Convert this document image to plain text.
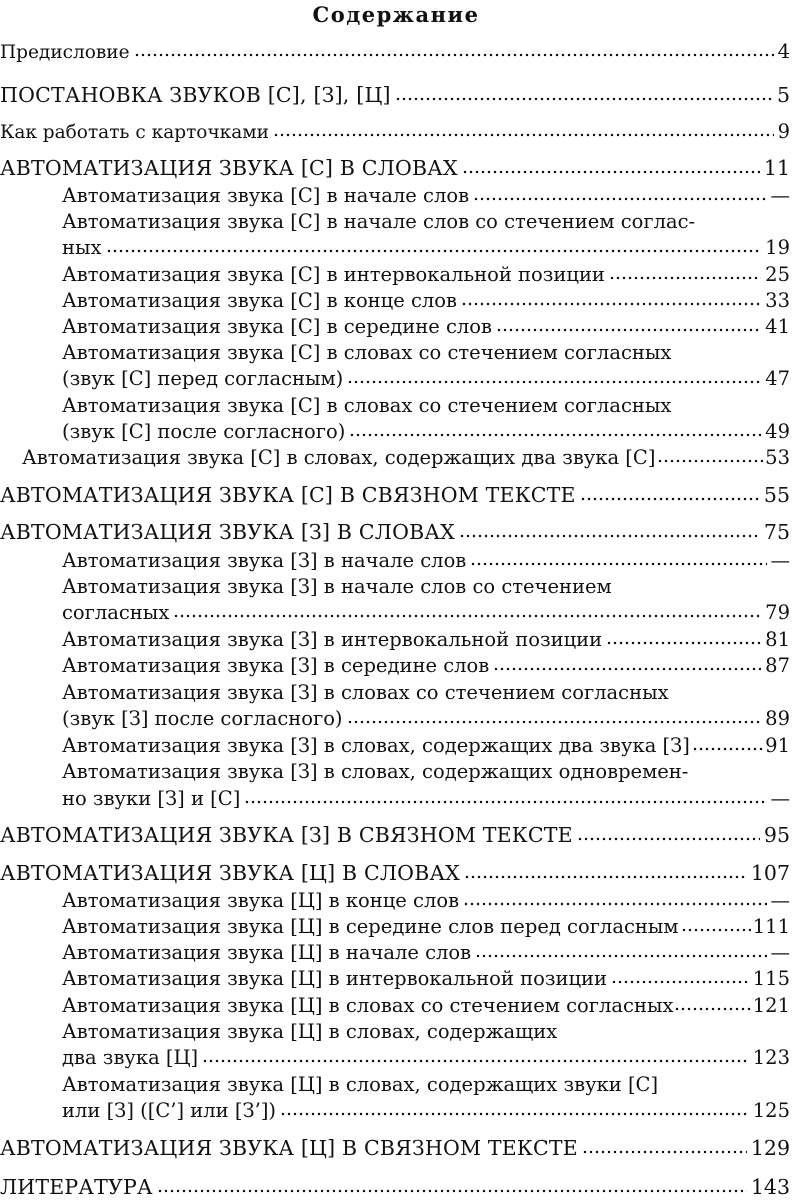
Содержание
Предисловие	4
ПОСТАНОВКА ЗВУКОВ [С], [З], [Ц]	5
Как работать с карточками	9
АВТОМАТИЗАЦИЯ ЗВУКА [С] В СЛОВАХ	11
Автоматизация звука [С] в начале слов	—
Автоматизация звука [С] в начале слов со стечением соглас-
ных	19
Автоматизация звука [С] в интервокальной позиции	25
Автоматизация звука [С] в конце слов	33
Автоматизация звука [С] в середине слов	41
Автоматизация звука [С] в словах со стечением согласных
(звук [С] перед согласным)	47
Автоматизация звука [С] в словах со стечением согласных
(звук [С] после согласного)	49
Автоматизация звука [С] в словах, содержащих два звука [С]	53
АВТОМАТИЗАЦИЯ ЗВУКА [С] В СВЯЗНОМ ТЕКСТЕ	55
АВТОМАТИЗАЦИЯ ЗВУКА [З] В СЛОВАХ	75
Автоматизация звука [З] в начале слов	—
Автоматизация звука [З] в начале слов со стечением
согласных	79
Автоматизация звука [З] в интервокальной позиции	81
Автоматизация звука [З] в середине слов	87
Автоматизация звука [З] в словах со стечением согласных
(звук [З] после согласного)	89
Автоматизация звука [З] в словах, содержащих два звука [З]	91
Автоматизация звука [З] в словах, содержащих одновремен-
но звуки [З] и [С]	—
АВТОМАТИЗАЦИЯ ЗВУКА [З] В СВЯЗНОМ ТЕКСТЕ	95
АВТОМАТИЗАЦИЯ ЗВУКА [Ц] В СЛОВАХ	107
Автоматизация звука [Ц] в конце слов	—
Автоматизация звука [Ц] в середине слов перед согласным	111
Автоматизация звука [Ц] в начале слов	—
Автоматизация звука [Ц] в интервокальной позиции	115
Автоматизация звука [Ц] в словах со стечением согласных	121
Автоматизация звука [Ц] в словах, содержащих
два звука [Ц]	123
Автоматизация звука [Ц] в словах, содержащих звуки [С]
или [З] ([С’] или [З’])	125
АВТОМАТИЗАЦИЯ ЗВУКА [Ц] В СВЯЗНОМ ТЕКСТЕ	129
ЛИТЕРАТУРА	143
